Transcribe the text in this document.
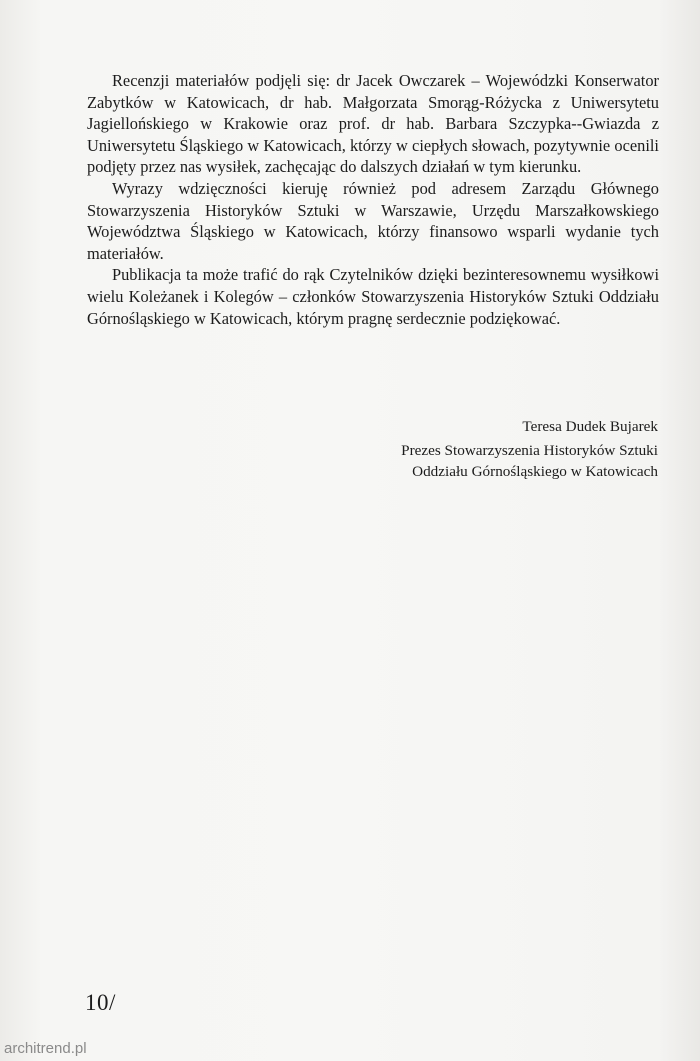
Recenzji materiałów podjęli się: dr Jacek Owczarek – Wojewódzki Konserwator Zabytków w Katowicach, dr hab. Małgorzata Smorąg-Różycka z Uniwersytetu Jagiellońskiego w Krakowie oraz prof. dr hab. Barbara Szczypka-​-Gwiazda z Uniwersytetu Śląskiego w Katowicach, którzy w ciepłych słowach, pozytywnie ocenili podjęty przez nas wysiłek, zachęcając do dalszych działań w tym kierunku.

Wyrazy wdzięczności kieruję również pod adresem Zarządu Głównego Stowarzyszenia Historyków Sztuki w Warszawie, Urzędu Marszałkowskiego Województwa Śląskiego w Katowicach, którzy finansowo wsparli wydanie tych materiałów.

Publikacja ta może trafić do rąk Czytelników dzięki bezinteresownemu wysiłkowi wielu Koleżanek i Kolegów – członków Stowarzyszenia Historyków Sztuki Oddziału Górnośląskiego w Katowicach, którym pragnę serdecznie podziękować.

Teresa Dudek Bujarek
Prezes Stowarzyszenia Historyków Sztuki
Oddziału Górnośląskiego w Katowicach
10/
architrend.pl
